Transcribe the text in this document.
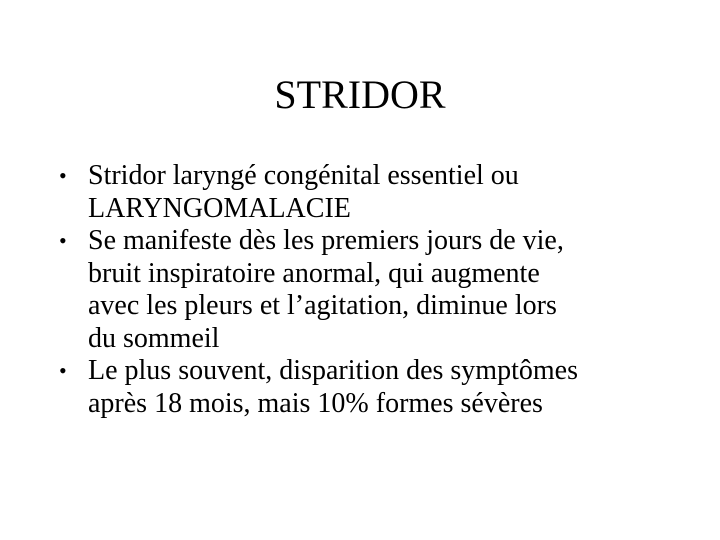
STRIDOR
• Stridor laryngé congénital essentiel ou
LARYNGOMALACIE
• Se manifeste dès les premiers jours de vie,
bruit inspiratoire anormal, qui augmente
avec les pleurs et l’agitation, diminue lors
du sommeil
• Le plus souvent, disparition des symptômes
après 18 mois, mais 10% formes sévères
